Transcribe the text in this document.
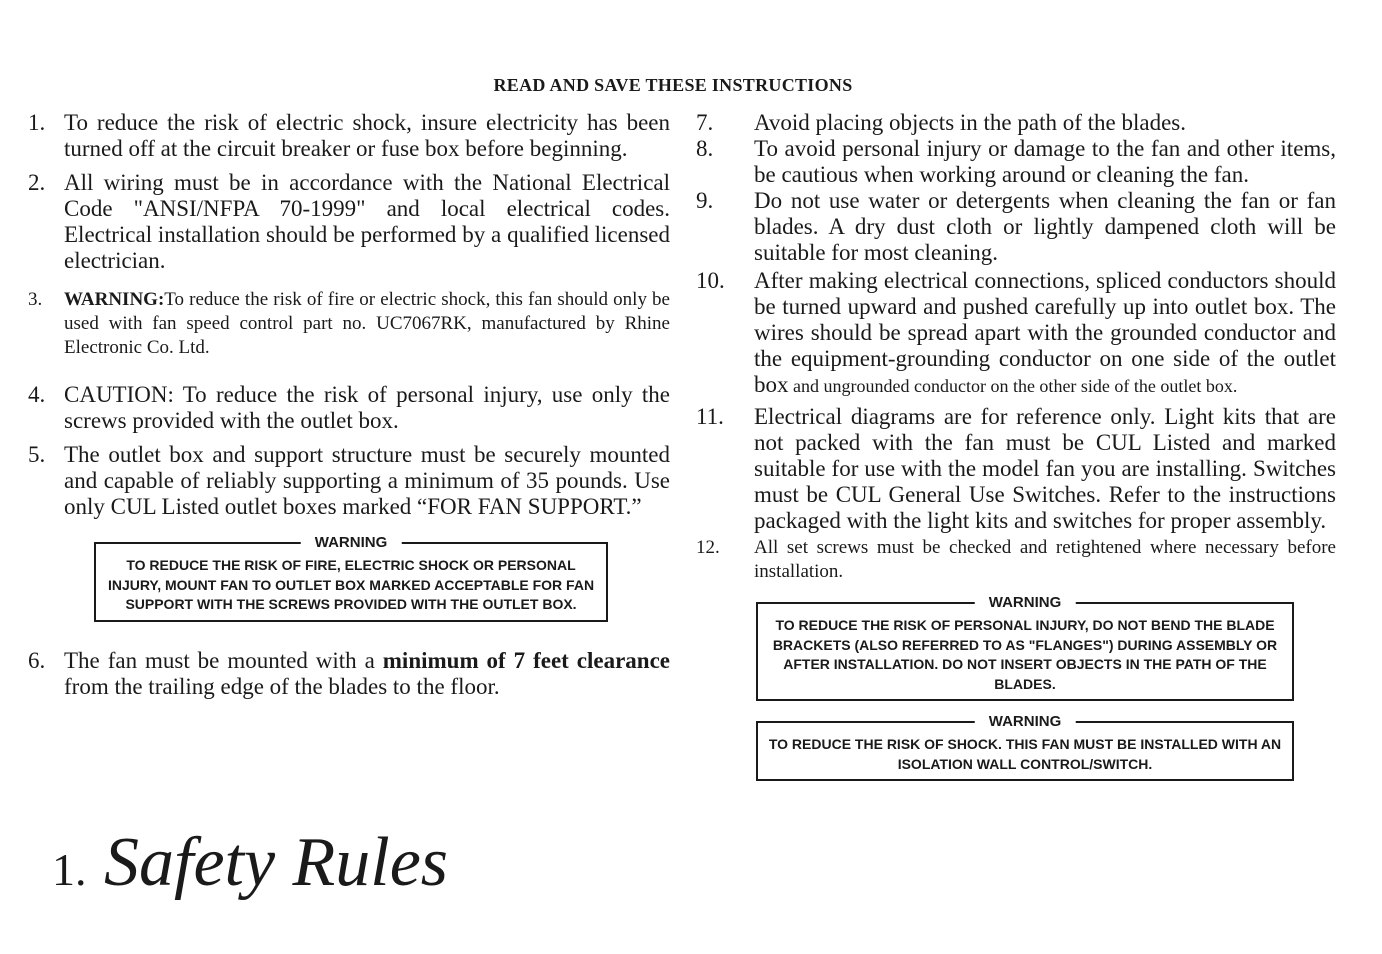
READ AND SAVE THESE INSTRUCTIONS
1. To reduce the risk of electric shock, insure electricity has been turned off at the circuit breaker or fuse box before beginning.
2. All wiring must be in accordance with the National Electrical Code "ANSI/NFPA 70-1999" and local electrical codes. Electrical installation should be performed by a qualified licensed electrician.
3.	WARNING:To reduce the risk of fire or electric shock, this fan should only be used with fan speed control part no. UC7067RK, manufactured by Rhine Electronic Co. Ltd.
4. CAUTION: To reduce the risk of personal injury, use only the screws provided with the outlet box.
5. The outlet box and support structure must be securely mounted and capable of reliably supporting a minimum of 35 pounds. Use only CUL Listed outlet boxes marked “FOR FAN SUPPORT.”
WARNING
TO REDUCE THE RISK OF FIRE, ELECTRIC SHOCK OR PERSONAL INJURY, MOUNT FAN TO OUTLET BOX MARKED ACCEPTABLE FOR FAN SUPPORT WITH THE SCREWS PROVIDED WITH THE OUTLET BOX.
6. The fan must be mounted with a minimum of 7 feet clearance from the trailing edge of the blades to the floor.
7.	Avoid placing objects in the path of the blades.
8.	To avoid personal injury or damage to the fan and other items, be cautious when working around or cleaning the fan.
9.	Do not use water or detergents when cleaning the fan or fan blades. A dry dust cloth or lightly dampened cloth will be suitable for most cleaning.
10.	After making electrical connections, spliced conductors should be turned upward and pushed carefully up into outlet box. The wires should be spread apart with the grounded conductor and the equipment-grounding conductor on one side of the outlet box and ungrounded conductor on the other side of the outlet box.
11.	Electrical diagrams are for reference only. Light kits that are not packed with the fan must be CUL Listed and marked suitable for use with the model fan you are installing. Switches must be CUL General Use Switches. Refer to the instructions packaged with the light kits and switches for proper assembly.
12.	All set screws must be checked and retightened where necessary before installation.
WARNING
TO REDUCE THE RISK OF PERSONAL INJURY, DO NOT BEND THE BLADE BRACKETS (ALSO REFERRED TO AS "FLANGES") DURING ASSEMBLY OR AFTER INSTALLATION. DO NOT INSERT OBJECTS IN THE PATH OF THE BLADES.
WARNING
TO REDUCE THE RISK OF SHOCK. THIS FAN MUST BE INSTALLED WITH AN ISOLATION WALL CONTROL/SWITCH.
1. Safety Rules
